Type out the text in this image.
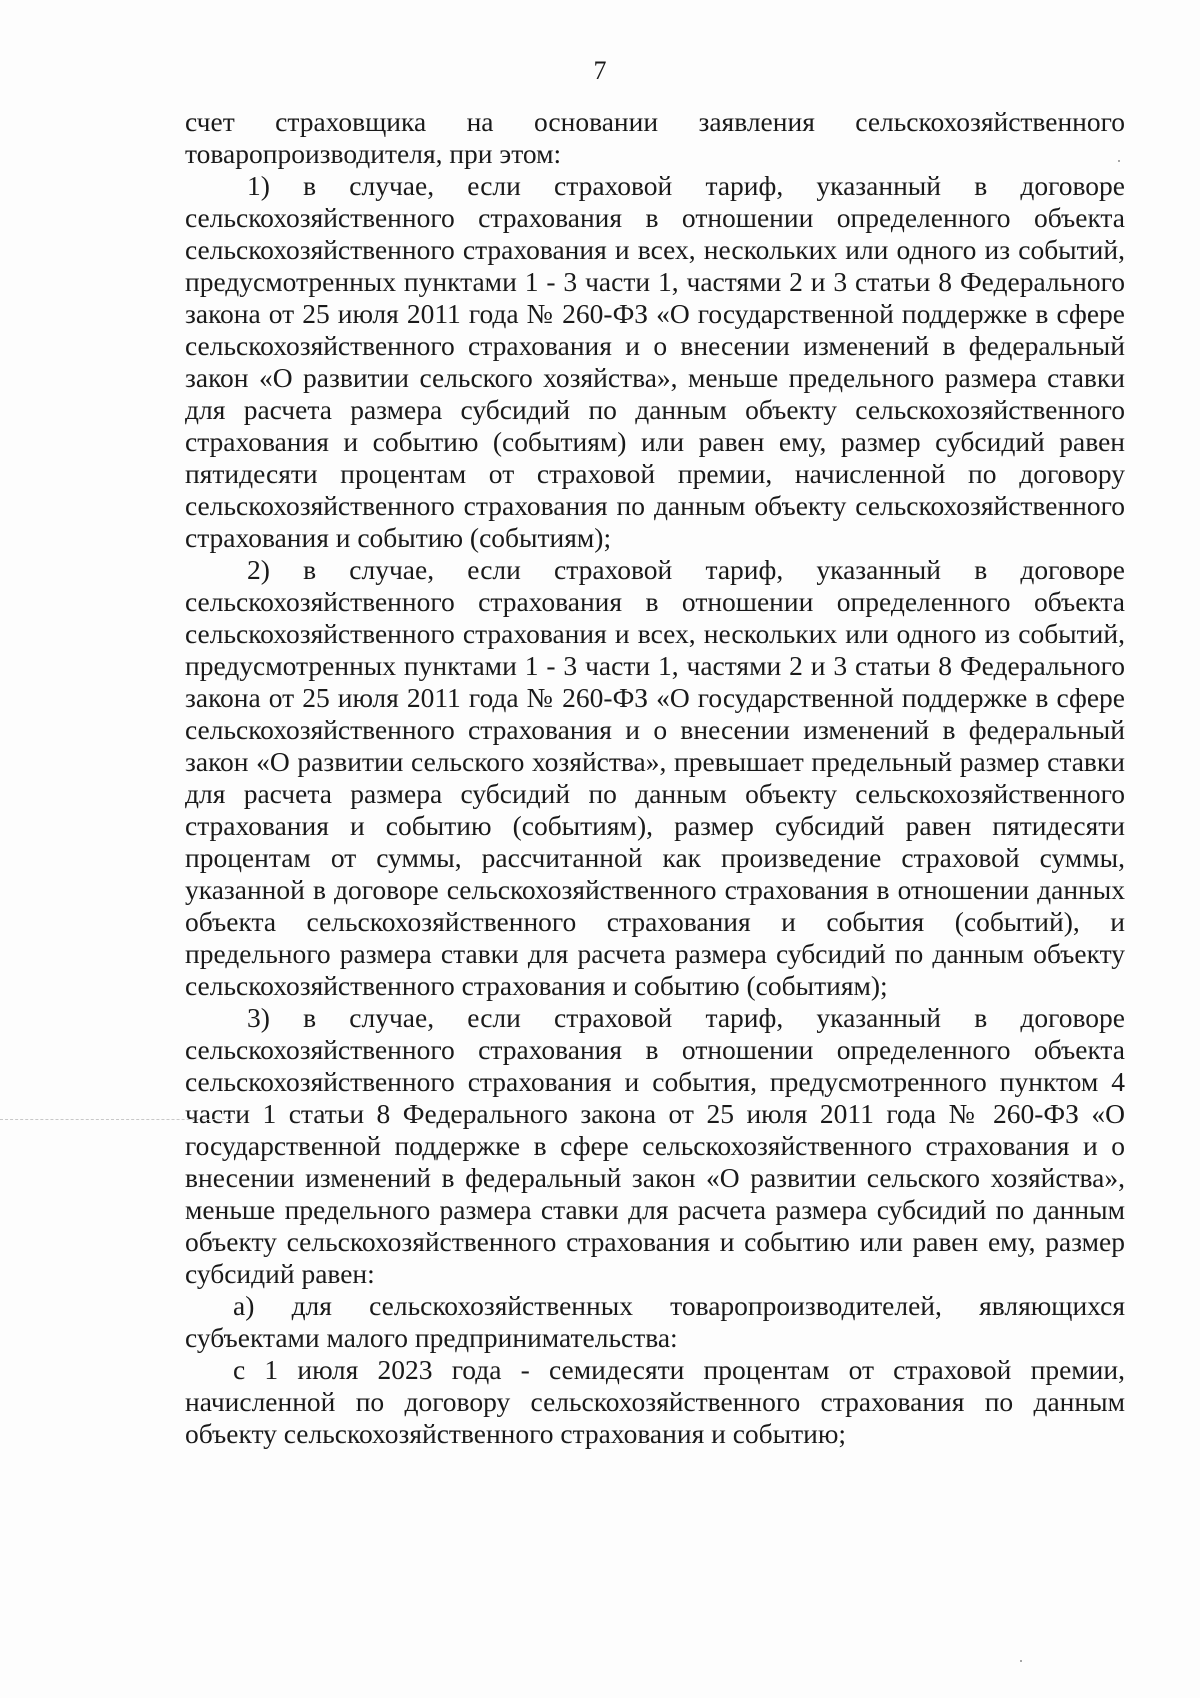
7

счет страховщика на основании заявления сельскохозяйственного товаропроизводителя, при этом:

1) в случае, если страховой тариф, указанный в договоре сельскохозяйственного страхования в отношении определенного объекта сельскохозяйственного страхования и всех, нескольких или одного из событий, предусмотренных пунктами 1 - 3 части 1, частями 2 и 3 статьи 8 Федерального закона от 25 июля 2011 года № 260-ФЗ «О государственной поддержке в сфере сельскохозяйственного страхования и о внесении изменений в федеральный закон «О развитии сельского хозяйства», меньше предельного размера ставки для расчета размера субсидий по данным объекту сельскохозяйственного страхования и событию (событиям) или равен ему, размер субсидий равен пятидесяти процентам от страховой премии, начисленной по договору сельскохозяйственного страхования по данным объекту сельскохозяйственного страхования и событию (событиям);

2) в случае, если страховой тариф, указанный в договоре сельскохозяйственного страхования в отношении определенного объекта сельскохозяйственного страхования и всех, нескольких или одного из событий, предусмотренных пунктами 1 - 3 части 1, частями 2 и 3 статьи 8 Федерального закона от 25 июля 2011 года № 260-ФЗ «О государственной поддержке в сфере сельскохозяйственного страхования и о внесении изменений в федеральный закон «О развитии сельского хозяйства», превышает предельный размер ставки для расчета размера субсидий по данным объекту сельскохозяйственного страхования и событию (событиям), размер субсидий равен пятидесяти процентам от суммы, рассчитанной как произведение страховой суммы, указанной в договоре сельскохозяйственного страхования в отношении данных объекта сельскохозяйственного страхования и события (событий), и предельного размера ставки для расчета размера субсидий по данным объекту сельскохозяйственного страхования и событию (событиям);

3) в случае, если страховой тариф, указанный в договоре сельскохозяйственного страхования в отношении определенного объекта сельскохозяйственного страхования и события, предусмотренного пунктом 4 части 1 статьи 8 Федерального закона от 25 июля 2011 года № 260-ФЗ «О государственной поддержке в сфере сельскохозяйственного страхования и о внесении изменений в федеральный закон «О развитии сельского хозяйства», меньше предельного размера ставки для расчета размера субсидий по данным объекту сельскохозяйственного страхования и событию или равен ему, размер субсидий равен:

а) для сельскохозяйственных товаропроизводителей, являющихся субъектами малого предпринимательства:

с 1 июля 2023 года - семидесяти процентам от страховой премии, начисленной по договору сельскохозяйственного страхования по данным объекту сельскохозяйственного страхования и событию;
